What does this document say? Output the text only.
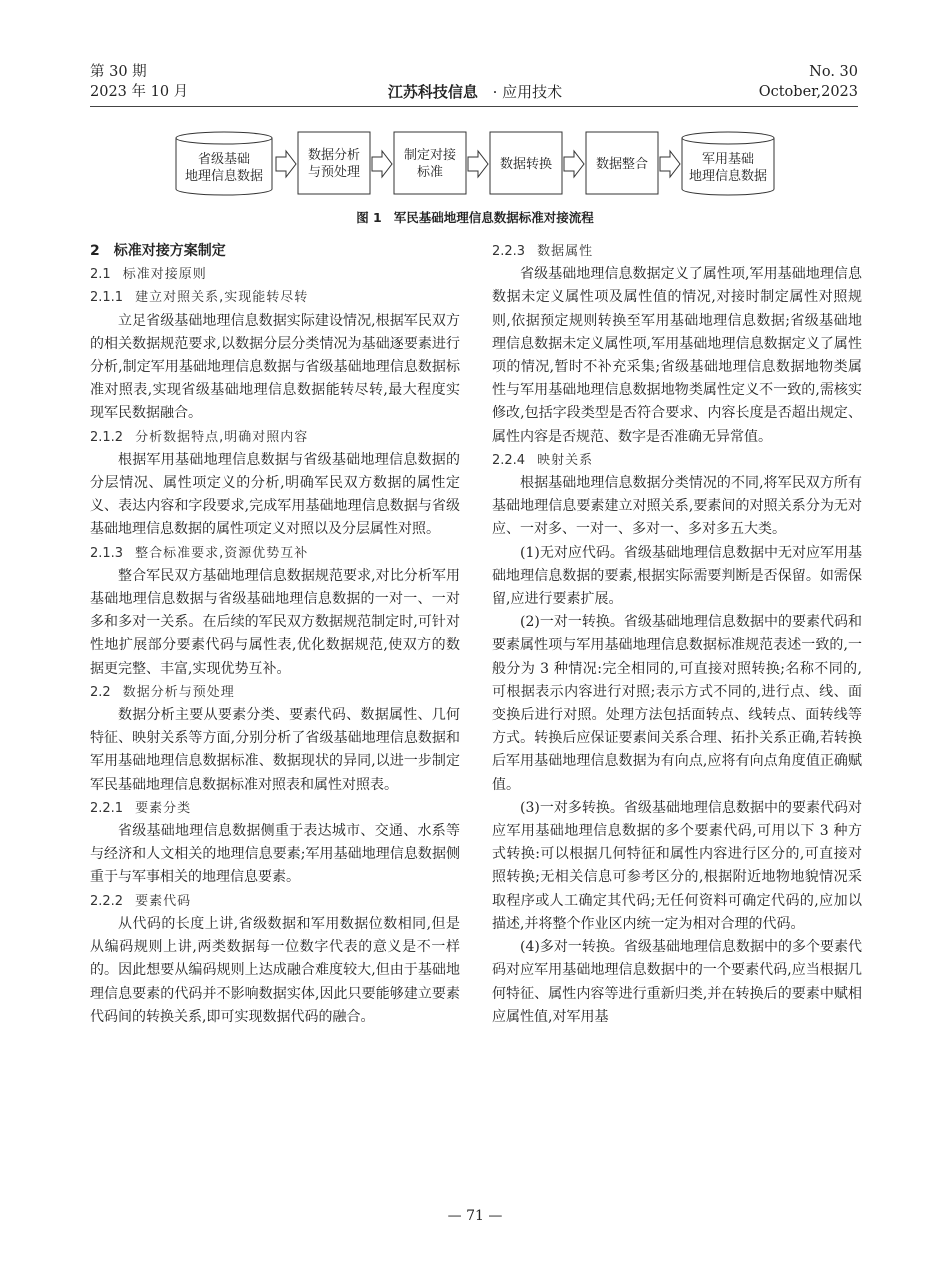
第 30 期
2023 年 10 月	江苏科技信息 · 应用技术
No. 30
October,2023
省级基础
地理信息数据
数据分析
与预处理
制定对接
标准
数据转换	数据整合	军用基础
地理信息数据
图 1 军民基础地理信息数据标准对接流程
2 标准对接方案制定
2.1 标准对接原则
2.1.1 建立对照关系,实现能转尽转

立足省级基础地理信息数据实际建设情况,根据军民双方的相关数据规范要求,以数据分层分类情况为基础逐要素进行分析,制定军用基础地理信息数据与省级基础地理信息数据标准对照表,实现省级基础地理信息数据能转尽转,最大程度实现军民数据融合。

2.1.2 分析数据特点,明确对照内容

根据军用基础地理信息数据与省级基础地理信息数据的分层情况、属性项定义的分析,明确军民双方数据的属性定义、表达内容和字段要求,完成军用基础地理信息数据与省级基础地理信息数据的属性项定义对照以及分层属性对照。

2.1.3 整合标准要求,资源优势互补

整合军民双方基础地理信息数据规范要求,对比分析军用基础地理信息数据与省级基础地理信息数据的一对一、一对多和多对一关系。在后续的军民双方数据规范制定时,可针对性地扩展部分要素代码与属性表,优化数据规范,使双方的数据更完整、丰富,实现优势互补。

2.2 数据分析与预处理

数据分析主要从要素分类、要素代码、数据属性、几何特征、映射关系等方面,分别分析了省级基础地理信息数据和军用基础地理信息数据标准、数据现状的异同,以进一步制定军民基础地理信息数据标准对照表和属性对照表。

2.2.1 要素分类

省级基础地理信息数据侧重于表达城市、交通、水系等与经济和人文相关的地理信息要素;军用基础地理信息数据侧重于与军事相关的地理信息要素。

2.2.2 要素代码

从代码的长度上讲,省级数据和军用数据位数相同,但是从编码规则上讲,两类数据每一位数字代表的意义是不一样的。因此想要从编码规则上达成融合难度较大,但由于基础地理信息要素的代码并不影响数据实体,因此只要能够建立要素代码间的转换关系,即可实现数据代码的融合。

2.2.3 数据属性

省级基础地理信息数据定义了属性项,军用基础地理信息数据未定义属性项及属性值的情况,对接时制定属性对照规则,依据预定规则转换至军用基础地理信息数据;省级基础地理信息数据未定义属性项,军用基础地理信息数据定义了属性项的情况,暂时不补充采集;省级基础地理信息数据地物类属性与军用基础地理信息数据地物类属性定义不一致的,需核实修改,包括字段类型是否符合要求、内容长度是否超出规定、属性内容是否规范、数字是否准确无异常值。

2.2.4 映射关系

根据基础地理信息数据分类情况的不同,将军民双方所有基础地理信息要素建立对照关系,要素间的对照关系分为无对应、一对多、一对一、多对一、多对多五大类。

(1)无对应代码。省级基础地理信息数据中无对应军用基础地理信息数据的要素,根据实际需要判断是否保留。如需保留,应进行要素扩展。

(2)一对一转换。省级基础地理信息数据中的要素代码和要素属性项与军用基础地理信息数据标准规范表述一致的,一般分为 3 种情况:完全相同的,可直接对照转换;名称不同的,可根据表示内容进行对照;表示方式不同的,进行点、线、面变换后进行对照。处理方法包括面转点、线转点、面转线等方式。转换后应保证要素间关系合理、拓扑关系正确,若转换后军用基础地理信息数据为有向点,应将有向点角度值正确赋值。

(3)一对多转换。省级基础地理信息数据中的要素代码对应军用基础地理信息数据的多个要素代码,可用以下 3 种方式转换:可以根据几何特征和属性内容进行区分的,可直接对照转换;无相关信息可参考区分的,根据附近地物地貌情况采取程序或人工确定其代码;无任何资料可确定代码的,应加以描述,并将整个作业区内统一定为相对合理的代码。

(4)多对一转换。省级基础地理信息数据中的多个要素代码对应军用基础地理信息数据中的一个要素代码,应当根据几何特征、属性内容等进行重新归类,并在转换后的要素中赋相应属性值,对军用基

— 71 —
